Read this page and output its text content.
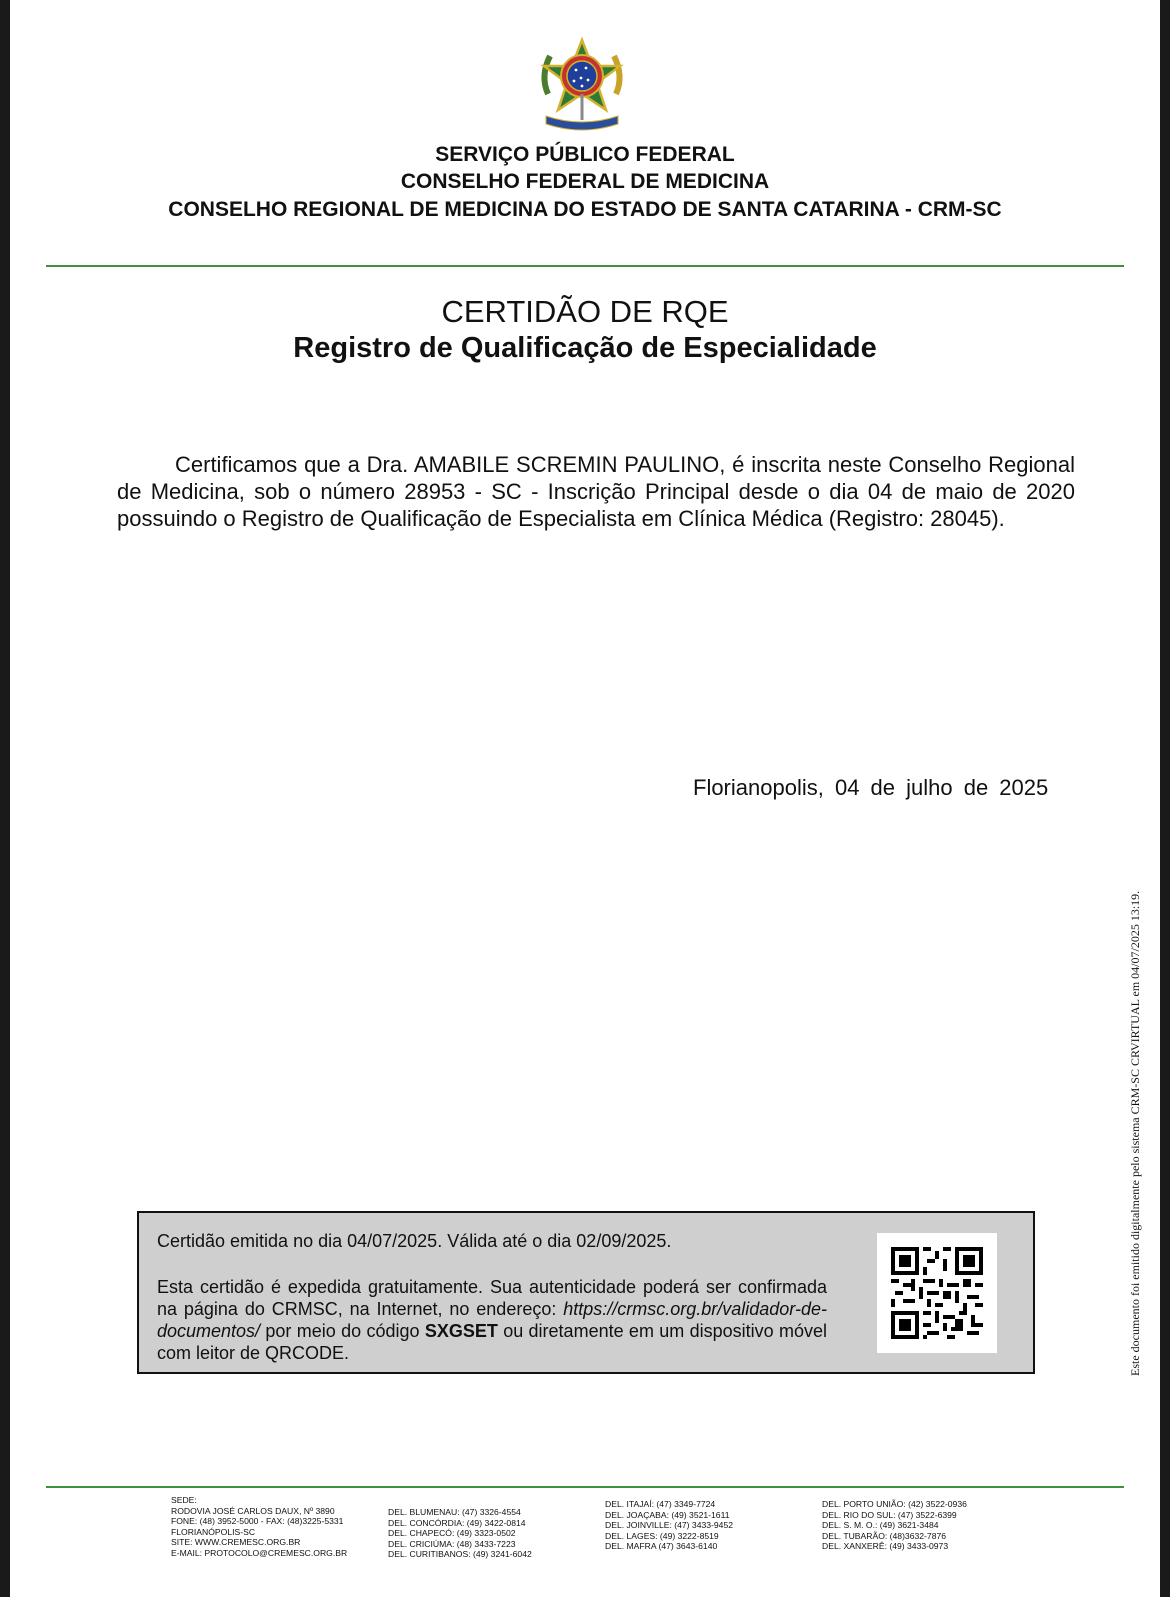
SERVIÇO PÚBLICO FEDERAL
CONSELHO FEDERAL DE MEDICINA
CONSELHO REGIONAL DE MEDICINA DO ESTADO DE SANTA CATARINA - CRM-SC
CERTIDÃO DE RQE
Registro de Qualificação de Especialidade
Certificamos que a Dra. AMABILE SCREMIN PAULINO, é inscrita neste Conselho Regional de Medicina, sob o número 28953 - SC - Inscrição Principal desde o dia 04 de maio de 2020 possuindo o Registro de Qualificação de Especialista em Clínica Médica (Registro: 28045).
Florianopolis, 04 de julho de 2025
Este documento foi emitido digitalmente pelo sistema CRM-SC CRVIRTUAL em 04/07/2025 13:19.
Certidão emitida no dia 04/07/2025. Válida até o dia 02/09/2025.
Esta certidão é expedida gratuitamente. Sua autenticidade poderá ser confirmada na página do CRMSC, na Internet, no endereço: https://crmsc.org.br/validador-de-documentos/ por meio do código SXGSET ou diretamente em um dispositivo móvel com leitor de QRCODE.
SEDE:
RODOVIA JOSÉ CARLOS DAUX, Nº 3890
FONE: (48) 3952-5000 - FAX: (48)3225-5331
FLORIANÓPOLIS-SC
SITE: WWW.CREMESC.ORG.BR
E-MAIL: PROTOCOLO@CREMESC.ORG.BR
DEL. BLUMENAU: (47) 3326-4554
DEL. CONCÓRDIA: (49) 3422-0814
DEL. CHAPECÓ: (49) 3323-0502
DEL. CRICIÚMA: (48) 3433-7223
DEL. CURITIBANOS: (49) 3241-6042
DEL. ITAJAÍ: (47) 3349-7724
DEL. JOAÇABA: (49) 3521-1611
DEL. JOINVILLE: (47) 3433-9452
DEL. LAGES: (49) 3222-8519
DEL. MAFRA (47) 3643-6140
DEL. PORTO UNIÃO: (42) 3522-0936
DEL. RIO DO SUL: (47) 3522-6399
DEL. S. M. O.: (49) 3621-3484
DEL. TUBARÃO: (48)3632-7876
DEL. XANXERÊ: (49) 3433-0973
